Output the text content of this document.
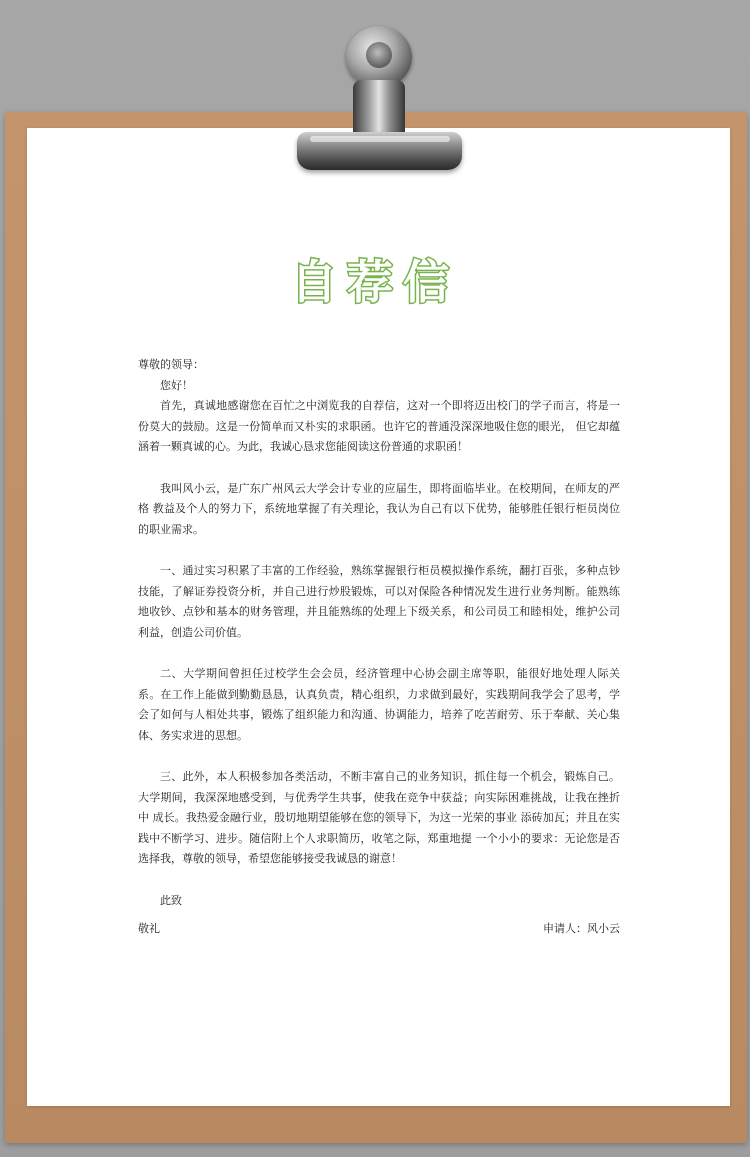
自荐信

尊敬的领导：

您好！

首先，真诚地感谢您在百忙之中浏览我的自荐信，这对一个即将迈出校门的学子而言，将是一份莫大的鼓励。这是一份简单而又朴实的求职函。也许它的普通没深深地吸住您的眼光， 但它却蕴涵着一颗真诚的心。为此，我诚心恳求您能阅读这份普通的求职函！

我叫风小云，是广东广州风云大学会计专业的应届生，即将面临毕业。在校期间，在师友的严格 教益及个人的努力下，系统地掌握了有关理论，我认为自己有以下优势，能够胜任银行柜员岗位的职业需求。

一、通过实习积累了丰富的工作经验，熟练掌握银行柜员模拟操作系统，翻打百张，多种点钞技能，了解证券投资分析，并自己进行炒股锻炼，可以对保险各种情况发生进行业务判断。能熟练地收钞、点钞和基本的财务管理，并且能熟练的处理上下级关系，和公司员工和睦相处，维护公司利益，创造公司价值。

二、大学期间曾担任过校学生会会员，经济管理中心协会副主席等职，能很好地处理人际关系。在工作上能做到勤勤恳恳，认真负责，精心组织，力求做到最好，实践期间我学会了思考，学会了如何与人相处共事，锻炼了组织能力和沟通、协调能力，培养了吃苦耐劳、乐于奉献、关心集体、务实求进的思想。

三、此外，本人积极参加各类活动，不断丰富自己的业务知识，抓住每一个机会，锻炼自己。大学期间，我深深地感受到，与优秀学生共事，使我在竞争中获益；向实际困难挑战，让我在挫折中 成长。我热爱金融行业，殷切地期望能够在您的领导下，为这一光荣的事业 添砖加瓦；并且在实践中不断学习、进步。随信附上个人求职简历，收笔之际，郑重地提 一个小小的要求：无论您是否选择我，尊敬的领导，希望您能够接受我诚恳的谢意！

此致

敬礼	申请人：风小云
